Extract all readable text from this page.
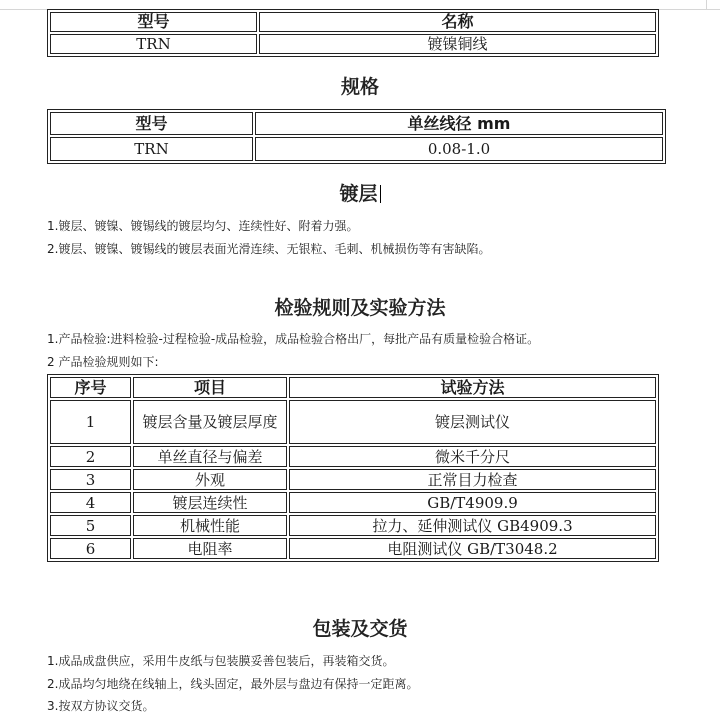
型号	名称
TRN	镀镍铜线
规格
型号	单丝线径 mm
TRN	0.08-1.0
镀层
1.镀层、镀镍、镀锡线的镀层均匀、连续性好、附着力强。
2.镀层、镀镍、镀锡线的镀层表面光滑连续、无银粒、毛刺、机械损伤等有害缺陷。
检验规则及实验方法
1.产品检验:进料检验-过程检验-成品检验，成品检验合格出厂，每批产品有质量检验合格证。
2 产品检验规则如下:
序号	项目	试验方法
1	镀层含量及镀层厚度	镀层测试仪
2	单丝直径与偏差	微米千分尺
3	外观	正常目力检查
4	镀层连续性	GB/T4909.9
5	机械性能	拉力、延伸测试仪 GB4909.3
6	电阻率	电阻测试仪 GB/T3048.2
包装及交货
1.成品成盘供应，采用牛皮纸与包装膜妥善包装后，再装箱交货。
2.成品均匀地绕在线轴上，线头固定，最外层与盘边有保持一定距离。
3.按双方协议交货。
